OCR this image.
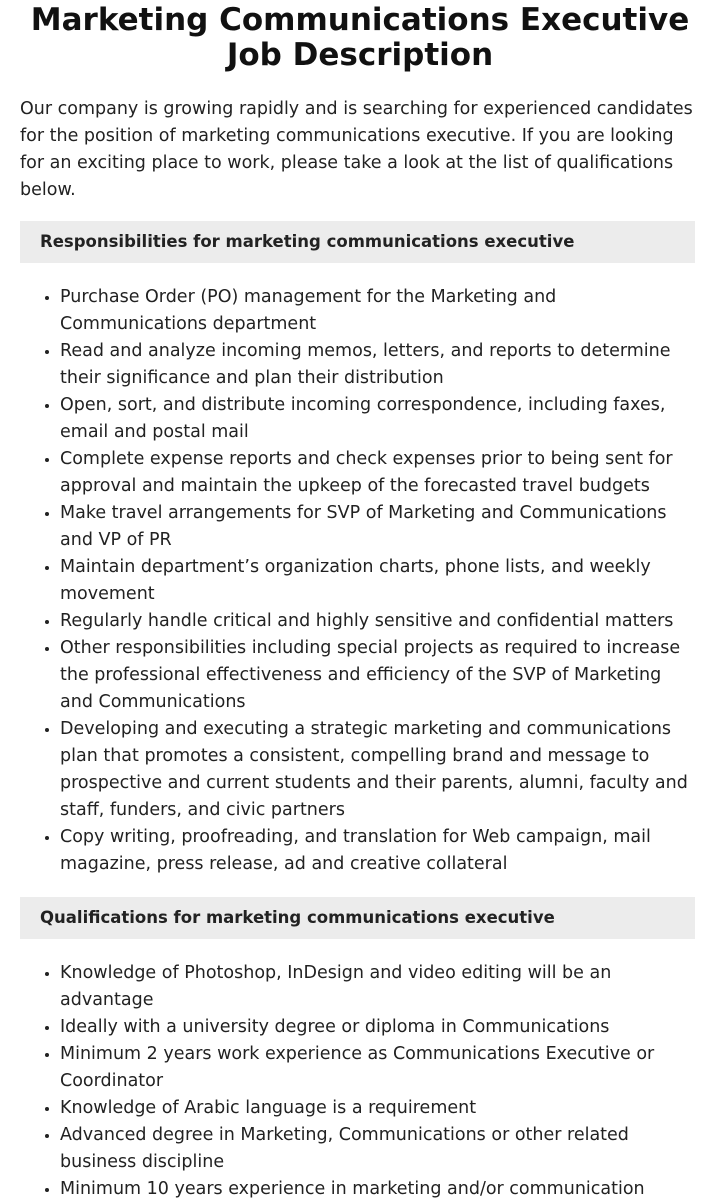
Marketing Communications Executive Job Description

Our company is growing rapidly and is searching for experienced candidates for the position of marketing communications executive. If you are looking for an exciting place to work, please take a look at the list of qualifications below.

Responsibilities for marketing communications executive
• Purchase Order (PO) management for the Marketing and Communications department
• Read and analyze incoming memos, letters, and reports to determine their significance and plan their distribution
• Open, sort, and distribute incoming correspondence, including faxes, email and postal mail
• Complete expense reports and check expenses prior to being sent for approval and maintain the upkeep of the forecasted travel budgets
• Make travel arrangements for SVP of Marketing and Communications and VP of PR
• Maintain department’s organization charts, phone lists, and weekly movement
• Regularly handle critical and highly sensitive and confidential matters
• Other responsibilities including special projects as required to increase the professional effectiveness and efficiency of the SVP of Marketing and Communications
• Developing and executing a strategic marketing and communications plan that promotes a consistent, compelling brand and message to prospective and current students and their parents, alumni, faculty and staff, funders, and civic partners
• Copy writing, proofreading, and translation for Web campaign, mail magazine, press release, ad and creative collateral
Qualifications for marketing communications executive
• Knowledge of Photoshop, InDesign and video editing will be an advantage
• Ideally with a university degree or diploma in Communications
• Minimum 2 years work experience as Communications Executive or Coordinator
• Knowledge of Arabic language is a requirement
• Advanced degree in Marketing, Communications or other related business discipline
• Minimum 10 years experience in marketing and/or communication
